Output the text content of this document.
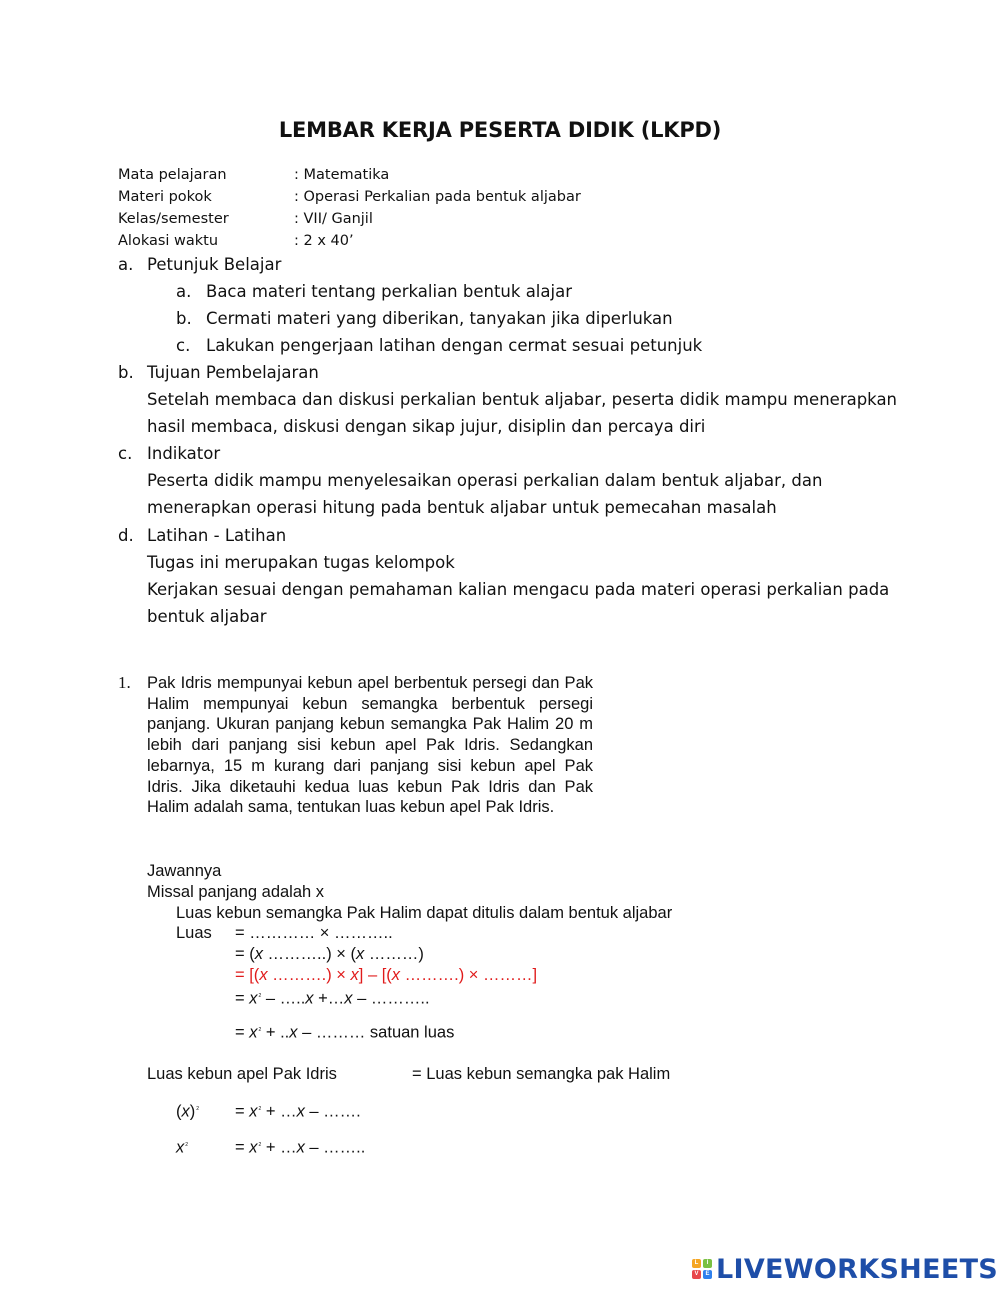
LEMBAR KERJA PESERTA DIDIK (LKPD)
Mata pelajaran	: Matematika
Materi pokok	: Operasi Perkalian pada bentuk aljabar
Kelas/semester	: VII/ Ganjil
Alokasi waktu	: 2 x 40’
a. Petunjuk Belajar
a. Baca materi tentang perkalian bentuk alajar
b. Cermati materi yang diberikan, tanyakan jika diperlukan
c. Lakukan pengerjaan latihan dengan cermat sesuai petunjuk
b. Tujuan Pembelajaran
Setelah membaca dan diskusi perkalian bentuk aljabar, peserta didik mampu menerapkan
hasil membaca, diskusi dengan sikap jujur, disiplin dan percaya diri
c. Indikator
Peserta didik mampu menyelesaikan operasi perkalian dalam bentuk aljabar, dan
menerapkan operasi hitung pada bentuk aljabar untuk pemecahan masalah
d. Latihan - Latihan
Tugas ini merupakan tugas kelompok
Kerjakan sesuai dengan pemahaman kalian mengacu pada materi operasi perkalian pada
bentuk aljabar
1. Pak Idris mempunyai kebun apel berbentuk persegi dan Pak Halim mempunyai kebun semangka berbentuk persegi panjang. Ukuran panjang kebun semangka Pak Halim 20 m lebih dari panjang sisi kebun apel Pak Idris. Sedangkan lebarnya, 15 m kurang dari panjang sisi kebun apel Pak Idris. Jika diketauhi kedua luas kebun Pak Idris dan Pak Halim adalah sama, tentukan luas kebun apel Pak Idris.
Jawannya
Missal panjang adalah x
Luas kebun semangka Pak Halim dapat ditulis dalam bentuk aljabar
Luas = ………… × ………..
= (x ………..) × (x ………)
= [(x ……….) × x] – [(x ……….) × ………]
= x2 – …..x +…x – ………..
= x2 + ..x – ……… satuan luas
Luas kebun apel Pak Idris	= Luas kebun semangka pak Halim
(x)2 = x2 + …x – …….
x2	= x2 + …x – ……..
L	I
V	E LIVEWORKSHEETS
